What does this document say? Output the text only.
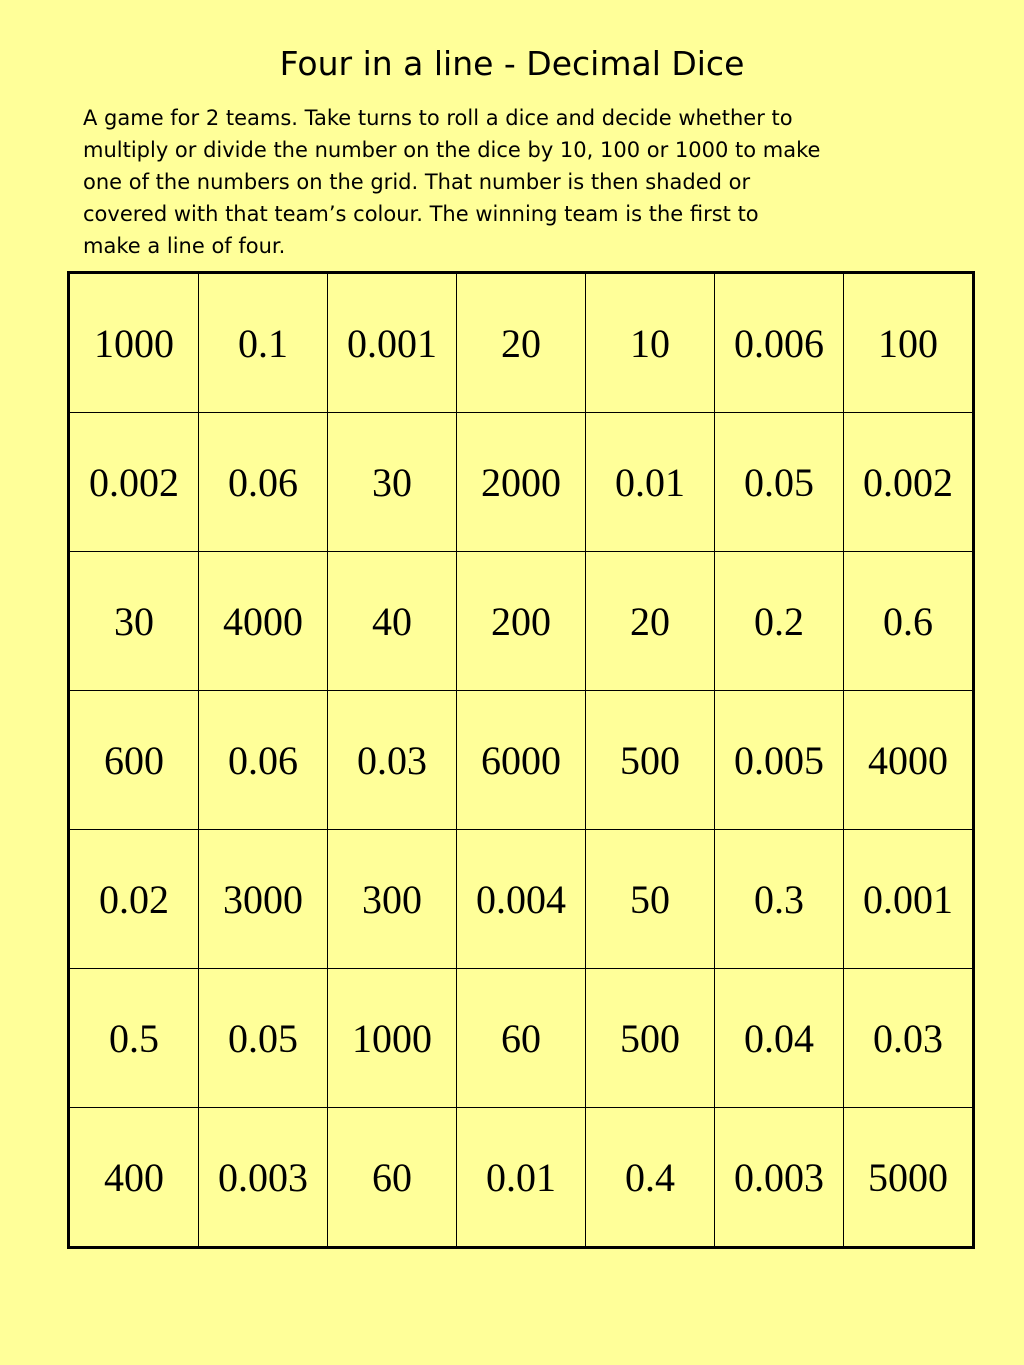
Four in a line - Decimal Dice
A game for 2 teams. Take turns to roll a dice and decide whether to
multiply or divide the number on the dice by 10, 100 or 1000 to make
one of the numbers on the grid. That number is then shaded or
covered with that team’s colour. The winning team is the first to
make a line of four.
1000	0.1	0.001	20	10	0.006	100
0.002	0.06	30	2000	0.01	0.05	0.002
30	4000	40	200	20	0.2	0.6
600	0.06	0.03	6000	500	0.005	4000
0.02	3000	300	0.004	50	0.3	0.001
0.5	0.05	1000	60	500	0.04	0.03
400	0.003	60	0.01	0.4	0.003	5000
